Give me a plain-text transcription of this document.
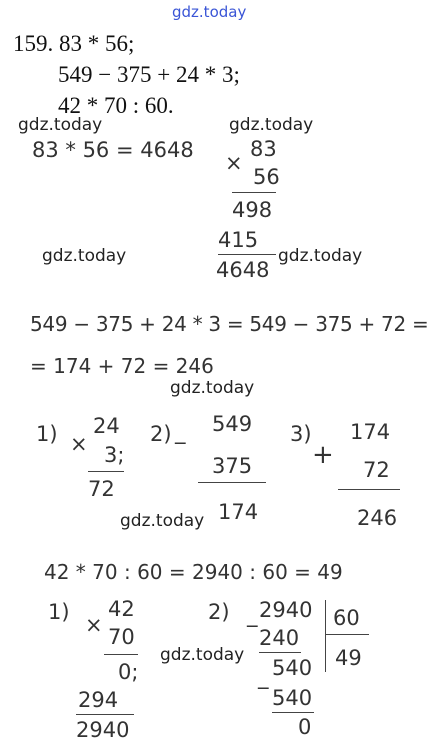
gdz.today
159. 83 * 56;
549 − 375 + 24 * 3;
42 * 70 : 60.
gdz.today	gdz.today
83 * 56 = 4648
×
83
56
498
415
4648
gdz.today	gdz.today
549 − 375 + 24 * 3 = 549 − 375 + 72 =
= 174 + 72 = 246
gdz.today
1) ×
24
3;
72
2) _ 549
375
174
gdz.today
3)
+
174
72
246
42 * 70 : 60 = 2940 : 60 = 49
1)
×
42
70
0;
294
2940
2) _ 2940 60
49
240
_ 540
540
0
gdz.today
